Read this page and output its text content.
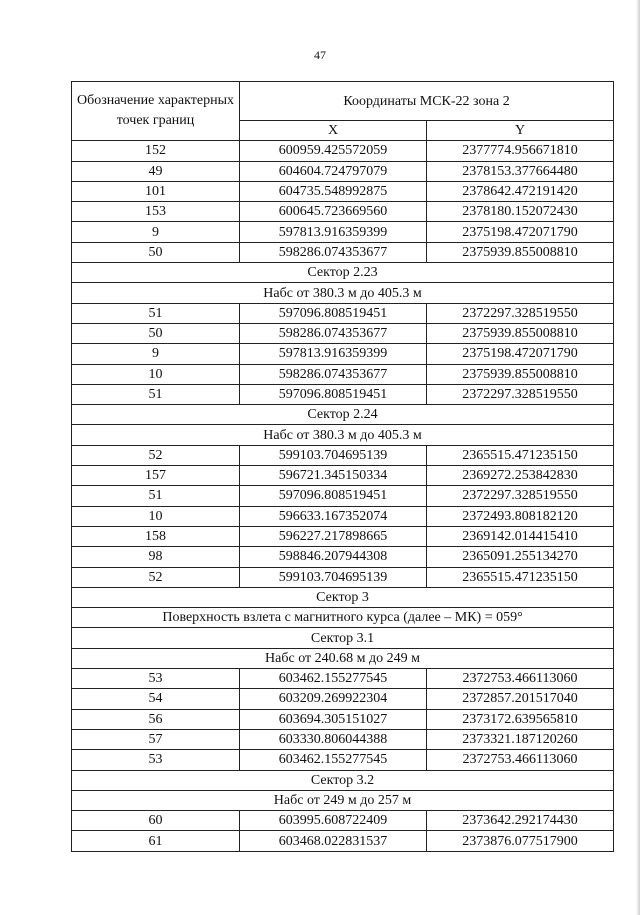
47
Обозначение характерных точек границ	Координаты МСК-22 зона 2	
	X	Y
152	600959.425572059	2377774.956671810
49	604604.724797079	2378153.377664480
101	604735.548992875	2378642.472191420
153	600645.723669560	2378180.152072430
9	597813.916359399	2375198.472071790
50	598286.074353677	2375939.855008810
Сектор 2.23		
Набс от 380.3 м до 405.3 м		
51	597096.808519451	2372297.328519550
50	598286.074353677	2375939.855008810
9	597813.916359399	2375198.472071790
10	598286.074353677	2375939.855008810
51	597096.808519451	2372297.328519550
Сектор 2.24		
Набс от 380.3 м до 405.3 м		
52	599103.704695139	2365515.471235150
157	596721.345150334	2369272.253842830
51	597096.808519451	2372297.328519550
10	596633.167352074	2372493.808182120
158	596227.217898665	2369142.014415410
98	598846.207944308	2365091.255134270
52	599103.704695139	2365515.471235150
Сектор 3		
Поверхность взлета с магнитного курса (далее – МК) = 059°		
Сектор 3.1		
Набс от 240.68 м до 249 м		
53	603462.155277545	2372753.466113060
54	603209.269922304	2372857.201517040
56	603694.305151027	2373172.639565810
57	603330.806044388	2373321.187120260
53	603462.155277545	2372753.466113060
Сектор 3.2		
Набс от 249 м до 257 м		
60	603995.608722409	2373642.292174430
61	603468.022831537	2373876.077517900
